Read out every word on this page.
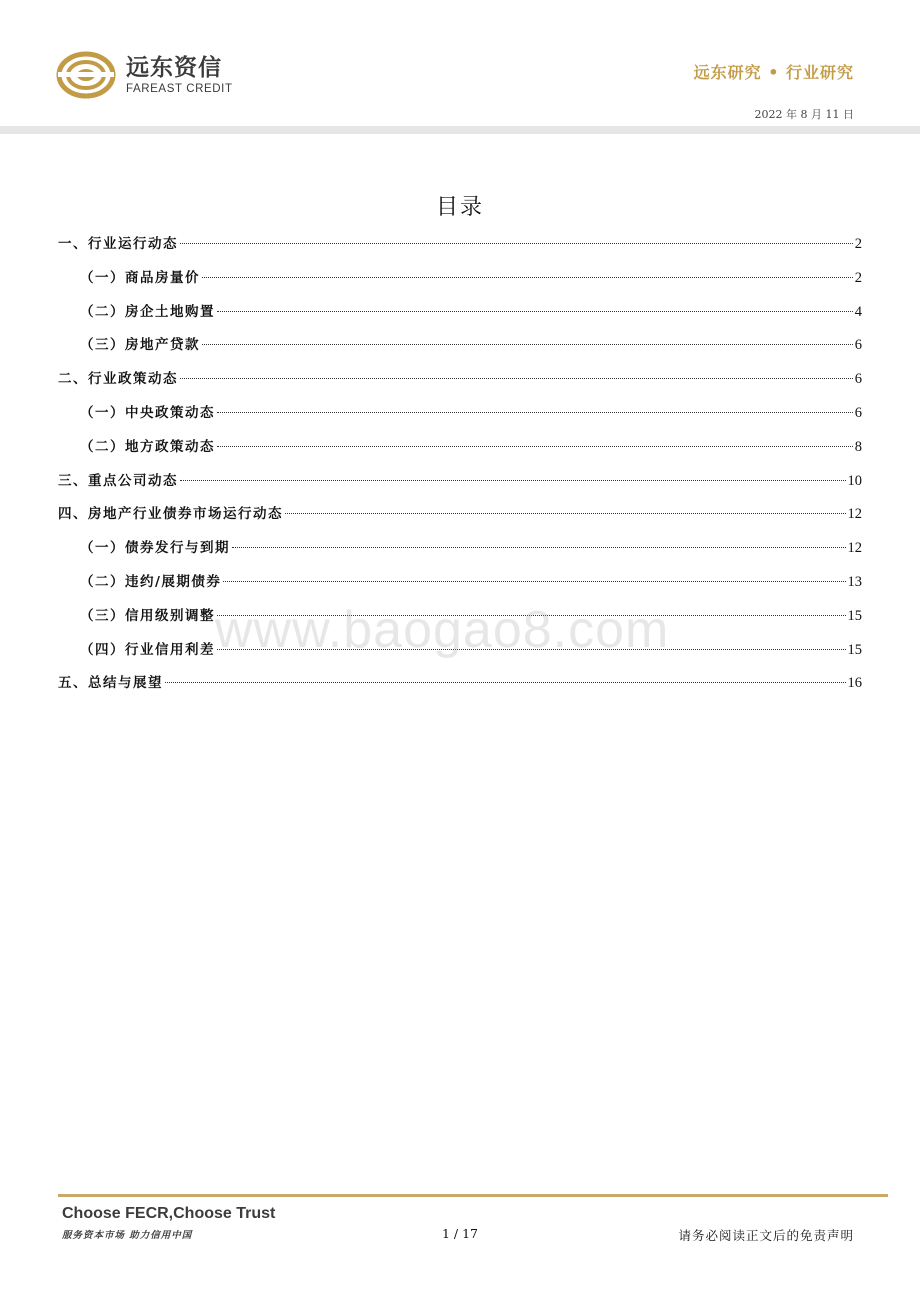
远东资信
FAREAST CREDIT
远东研究 • 行业研究
2022 年 8 月 11 日
目录
一、行业运行动态	2
（一）商品房量价	2
（二）房企土地购置	4
（三）房地产贷款	6
二、行业政策动态	6
（一）中央政策动态	6
（二）地方政策动态	8
三、重点公司动态	10
四、房地产行业债券市场运行动态	12
（一）债券发行与到期	12
（二）违约/展期债券	13
（三）信用级别调整	15
（四）行业信用利差	15
五、总结与展望	16
www.baogao8.com
Choose FECR,Choose Trust
服务资本市场 助力信用中国	1 / 17	请务必阅读正文后的免责声明
